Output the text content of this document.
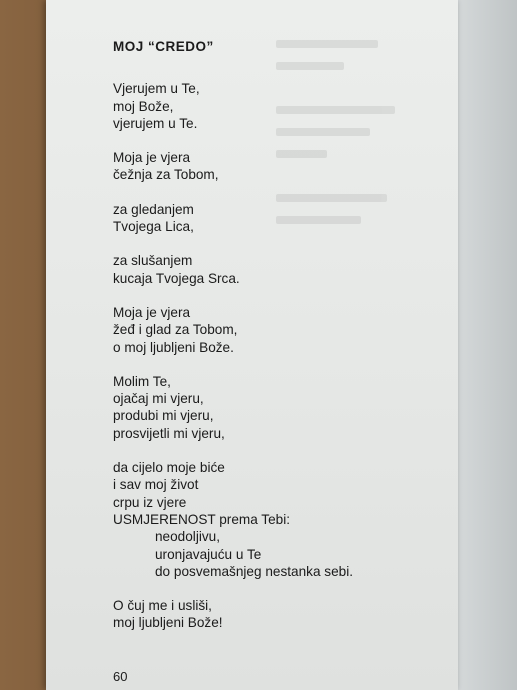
MOJ “CREDO”
Vjerujem u Te,
moj Bože,
vjerujem u Te.
Moja je vjera
čežnja za Tobom,
za gledanjem
Tvojega Lica,
za slušanjem
kucaja Tvojega Srca.
Moja je vjera
žeđ i glad za Tobom,
o moj ljubljeni Bože.
Molim Te,
ojačaj mi vjeru,
produbi mi vjeru,
prosvijetli mi vjeru,
da cijelo moje biće
i sav moj život
crpu iz vjere
USMJERENOST prema Tebi:
neodoljivu,
uronjavajuću u Te
do posvemašnjeg nestanka sebi.
O čuj me i usliši,
moj ljubljeni Bože!
60
